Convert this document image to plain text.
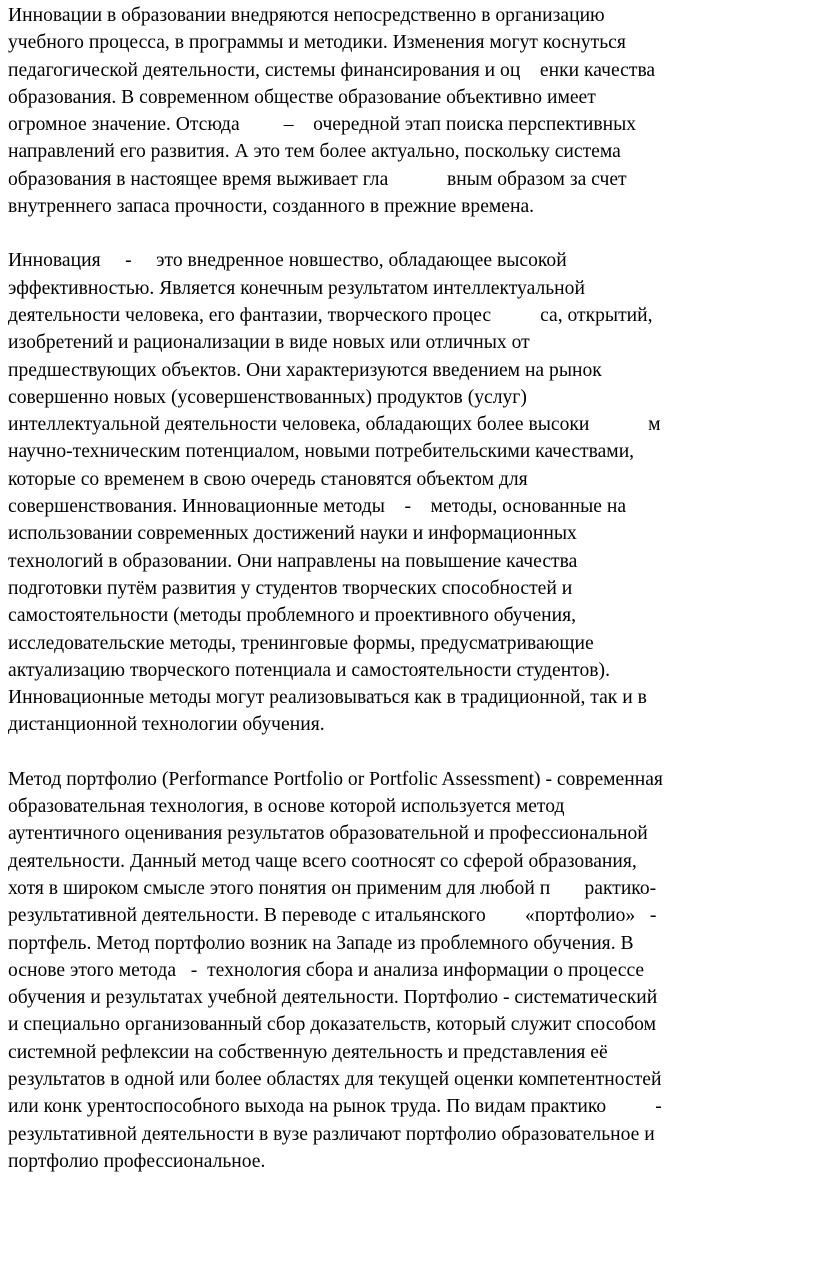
Инновации в образовании внедряются непосредственно в организацию
учебного процесса, в программы и методики. Изменения могут коснуться
педагогической деятельности, системы финансирования и оц    енки качества
образования. В современном обществе образование объективно имеет
огромное значение. Отсюда         –    очередной этап поиска перспективных
направлений его развития. А это тем более актуально, поскольку система
образования в настоящее время выживает гла            вным образом за счет
внутреннего запаса прочности, созданного в прежние времена.
Инновация     -     это внедренное новшество, обладающее высокой
эффективностью. Является конечным результатом интеллектуальной
деятельности человека, его фантазии, творческого процес          са, открытий,
изобретений и рационализации в виде новых или отличных от
предшествующих объектов. Они характеризуются введением на рынок
совершенно новых (усовершенствованных) продуктов (услуг)
интеллектуальной деятельности человека, обладающих более высоки            м
научно-техническим потенциалом, новыми потребительскими качествами,
которые со временем в свою очередь становятся объектом для
совершенствования. Инновационные методы    -    методы, основанные на
использовании современных достижений науки и информационных
технологий в образовании. Они направлены на повышение качества
подготовки путём развития у студентов творческих способностей и
самостоятельности (методы проблемного и проективного обучения,
исследовательские методы, тренинговые формы, предусматривающие
актуализацию творческого потенциала и самостоятельности студентов).
Инновационные методы могут реализовываться как в традиционной, так и в
дистанционной технологии обучения.
Метод портфолио (Performance Portfolio or Portfolic Assessment) - современная
образовательная технология, в основе которой используется метод
аутентичного оценивания результатов образовательной и профессиональной
деятельности. Данный метод чаще всего соотносят со сферой образования,
хотя в широком смысле этого понятия он применим для любой п       рактико-
результативной деятельности. В переводе с итальянского        «портфолио»   -
портфель. Метод портфолио возник на Западе из проблемного обучения. В
основе этого метода   -  технология сбора и анализа информации о процессе
обучения и результатах учебной деятельности. Портфолио - систематический
и специально организованный сбор доказательств, который служит способом
системной рефлексии на собственную деятельность и представления её
результатов в одной или более областях для текущей оценки компетентностей
или конк урентоспособного выхода на рынок труда. По видам практико          -
результативной деятельности в вузе различают портфолио образовательное и
портфолио профессиональное.
